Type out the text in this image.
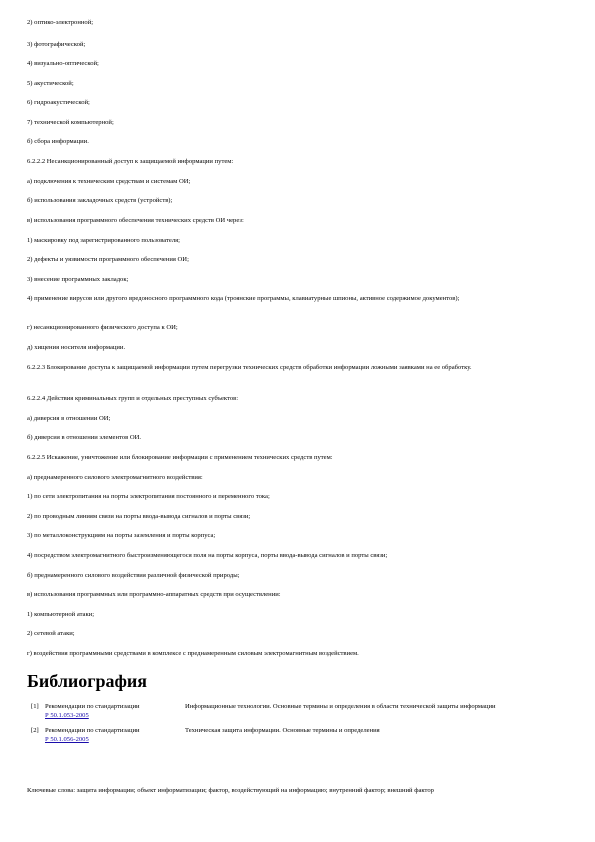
2) оптико-электронной;
3) фотографической;
4) визуально-оптической;
5) акустической;
6) гидроакустической;
7) технической компьютерной;
б) сбора информации.
6.2.2.2 Несанкционированный доступ к защищаемой информации путем:
а) подключения к техническим средствам и системам ОИ;
б) использования закладочных средств (устройств);
в) использования программного обеспечения технических средств ОИ через:
1) маскировку под зарегистрированного пользователя;
2) дефекты и уязвимости программного обеспечения ОИ;
3) внесение программных закладок;
4) применение вирусов или другого вредоносного программного кода (троянские программы, клавиатурные шпионы, активное содержимое документов);
г) несанкционированного физического доступа к ОИ;
д) хищения носителя информации.
6.2.2.3 Блокирование доступа к защищаемой информации путем перегрузки технических средств обработки информации ложными заявками на ее обработку.
6.2.2.4 Действия криминальных групп и отдельных преступных субъектов:
а) диверсия в отношении ОИ;
б) диверсия в отношении элементов ОИ.
6.2.2.5 Искажение, уничтожение или блокирование информации с применением технических средств путем:
а) преднамеренного силового электромагнитного воздействия:
1) по сети электропитания на порты электропитания постоянного и переменного тока;
2) по проводным линиям связи на порты ввода-вывода сигналов и порты связи;
3) по металлоконструкциям на порты заземления и порты корпуса;
4) посредством электромагнитного быстроизменяющегося поля на порты корпуса, порты ввода-вывода сигналов и порты связи;
б) преднамеренного силового воздействия различной физической природы;
в) использования программных или программно-аппаратных средств при осуществлении:
1) компьютерной атаки;
2) сетевой атаки;
г) воздействия программными средствами в комплексе с преднамеренным силовым электромагнитным воздействием.
Библиография
[1] Рекомендации по стандартизации
Р 50.1.053-2005
Информационные технологии. Основные термины и определения в области технической защиты информации
[2] Рекомендации по стандартизации
Р 50.1.056-2005
Техническая защита информации. Основные термины и определения
Ключевые слова: защита информации; объект информатизации; фактор, воздействующий на информацию; внутренний фактор; внешний фактор
